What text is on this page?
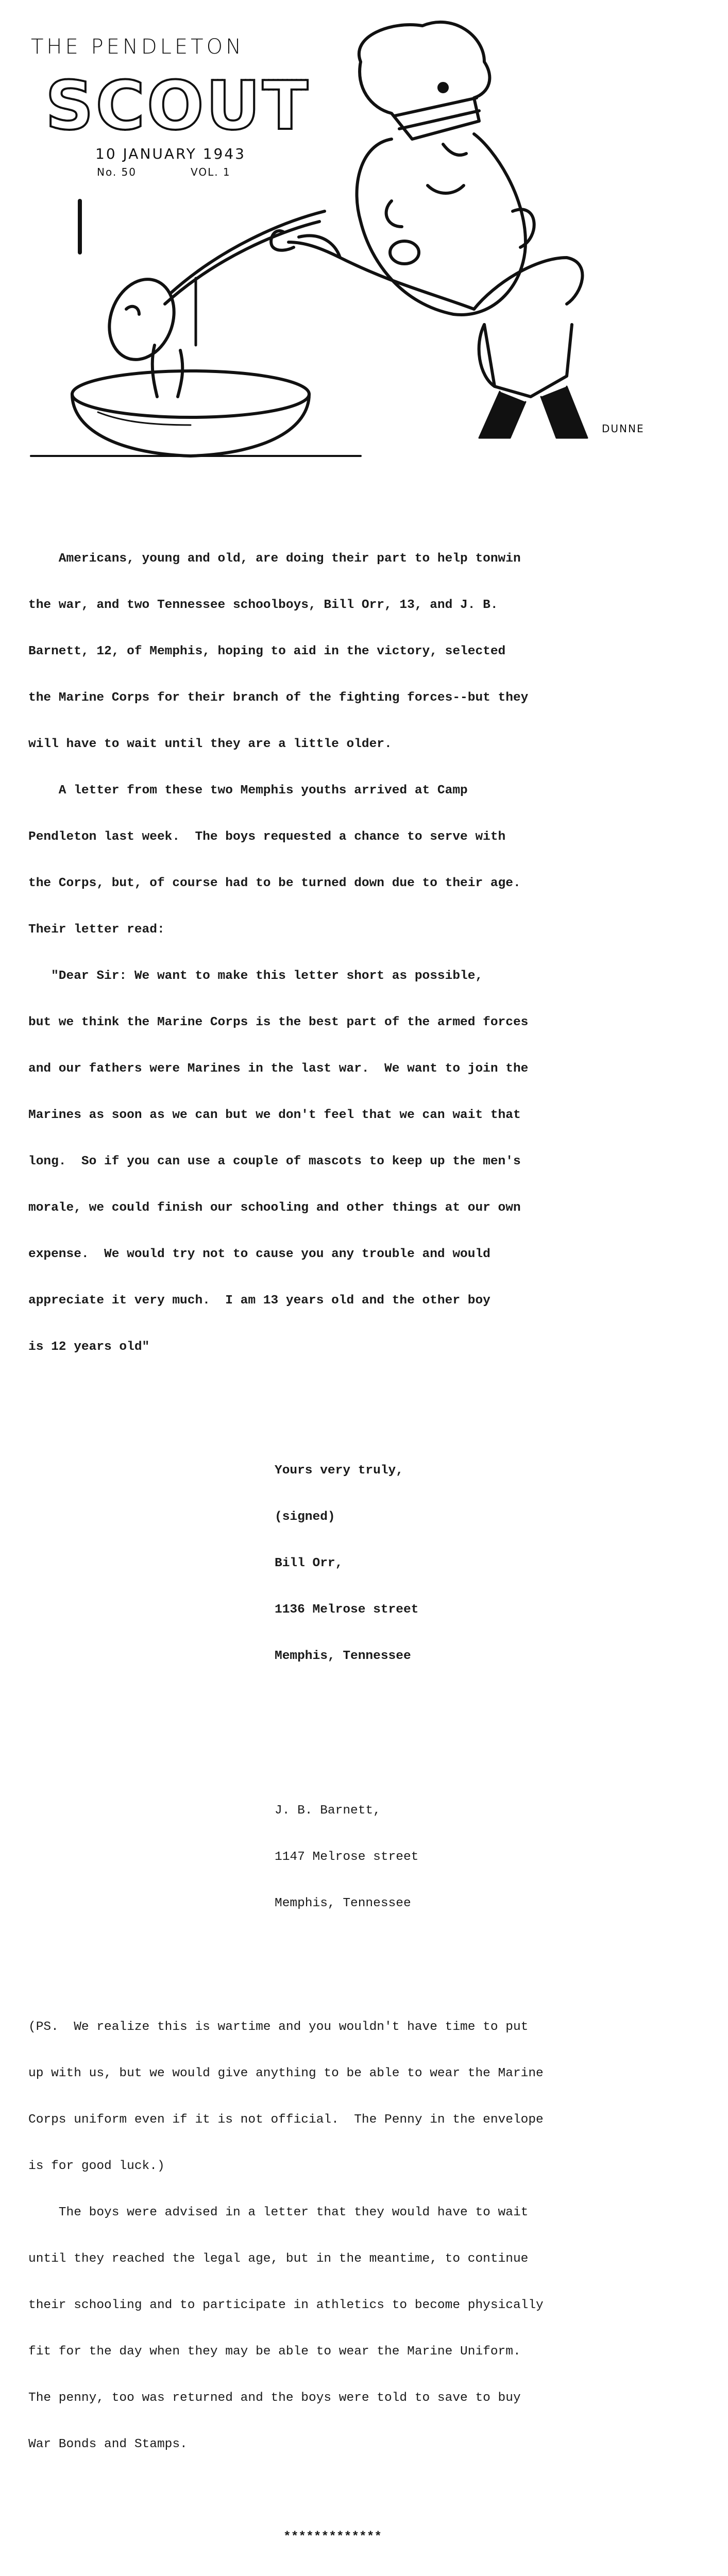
THE PENDLETON
SCOUT
10 JANUARY 1943
No. 50	VOL. 1
DUNNE

Americans, young and old, are doing their part to help tonwin

the war, and two Tennessee schoolboys, Bill Orr, 13, and J. B.

Barnett, 12, of Memphis, hoping to aid in the victory, selected

the Marine Corps for their branch of the fighting forces--but they

will have to wait until they are a little older.

A letter from these two Memphis youths arrived at Camp

Pendleton last week.  The boys requested a chance to serve with

the Corps, but, of course had to be turned down due to their age.

Their letter read:

"Dear Sir: We want to make this letter short as possible,

but we think the Marine Corps is the best part of the armed forces

and our fathers were Marines in the last war.  We want to join the

Marines as soon as we can but we don't feel that we can wait that

long.  So if you can use a couple of mascots to keep up the men's

morale, we could finish our schooling and other things at our own

expense.  We would try not to cause you any trouble and would

appreciate it very much.  I am 13 years old and the other boy

is 12 years old"

Yours very truly,

(signed)

Bill Orr,

1136 Melrose street

Memphis, Tennessee

J. B. Barnett,

1147 Melrose street

Memphis, Tennessee

(PS.  We realize this is wartime and you wouldn't have time to put

up with us, but we would give anything to be able to wear the Marine

Corps uniform even if it is not official.  The Penny in the envelope

is for good luck.)

The boys were advised in a letter that they would have to wait

until they reached the legal age, but in the meantime, to continue

their schooling and to participate in athletics to become physically

fit for the day when they may be able to wear the Marine Uniform.

The penny, too was returned and the boys were told to save to buy

War Bonds and Stamps.

*************
